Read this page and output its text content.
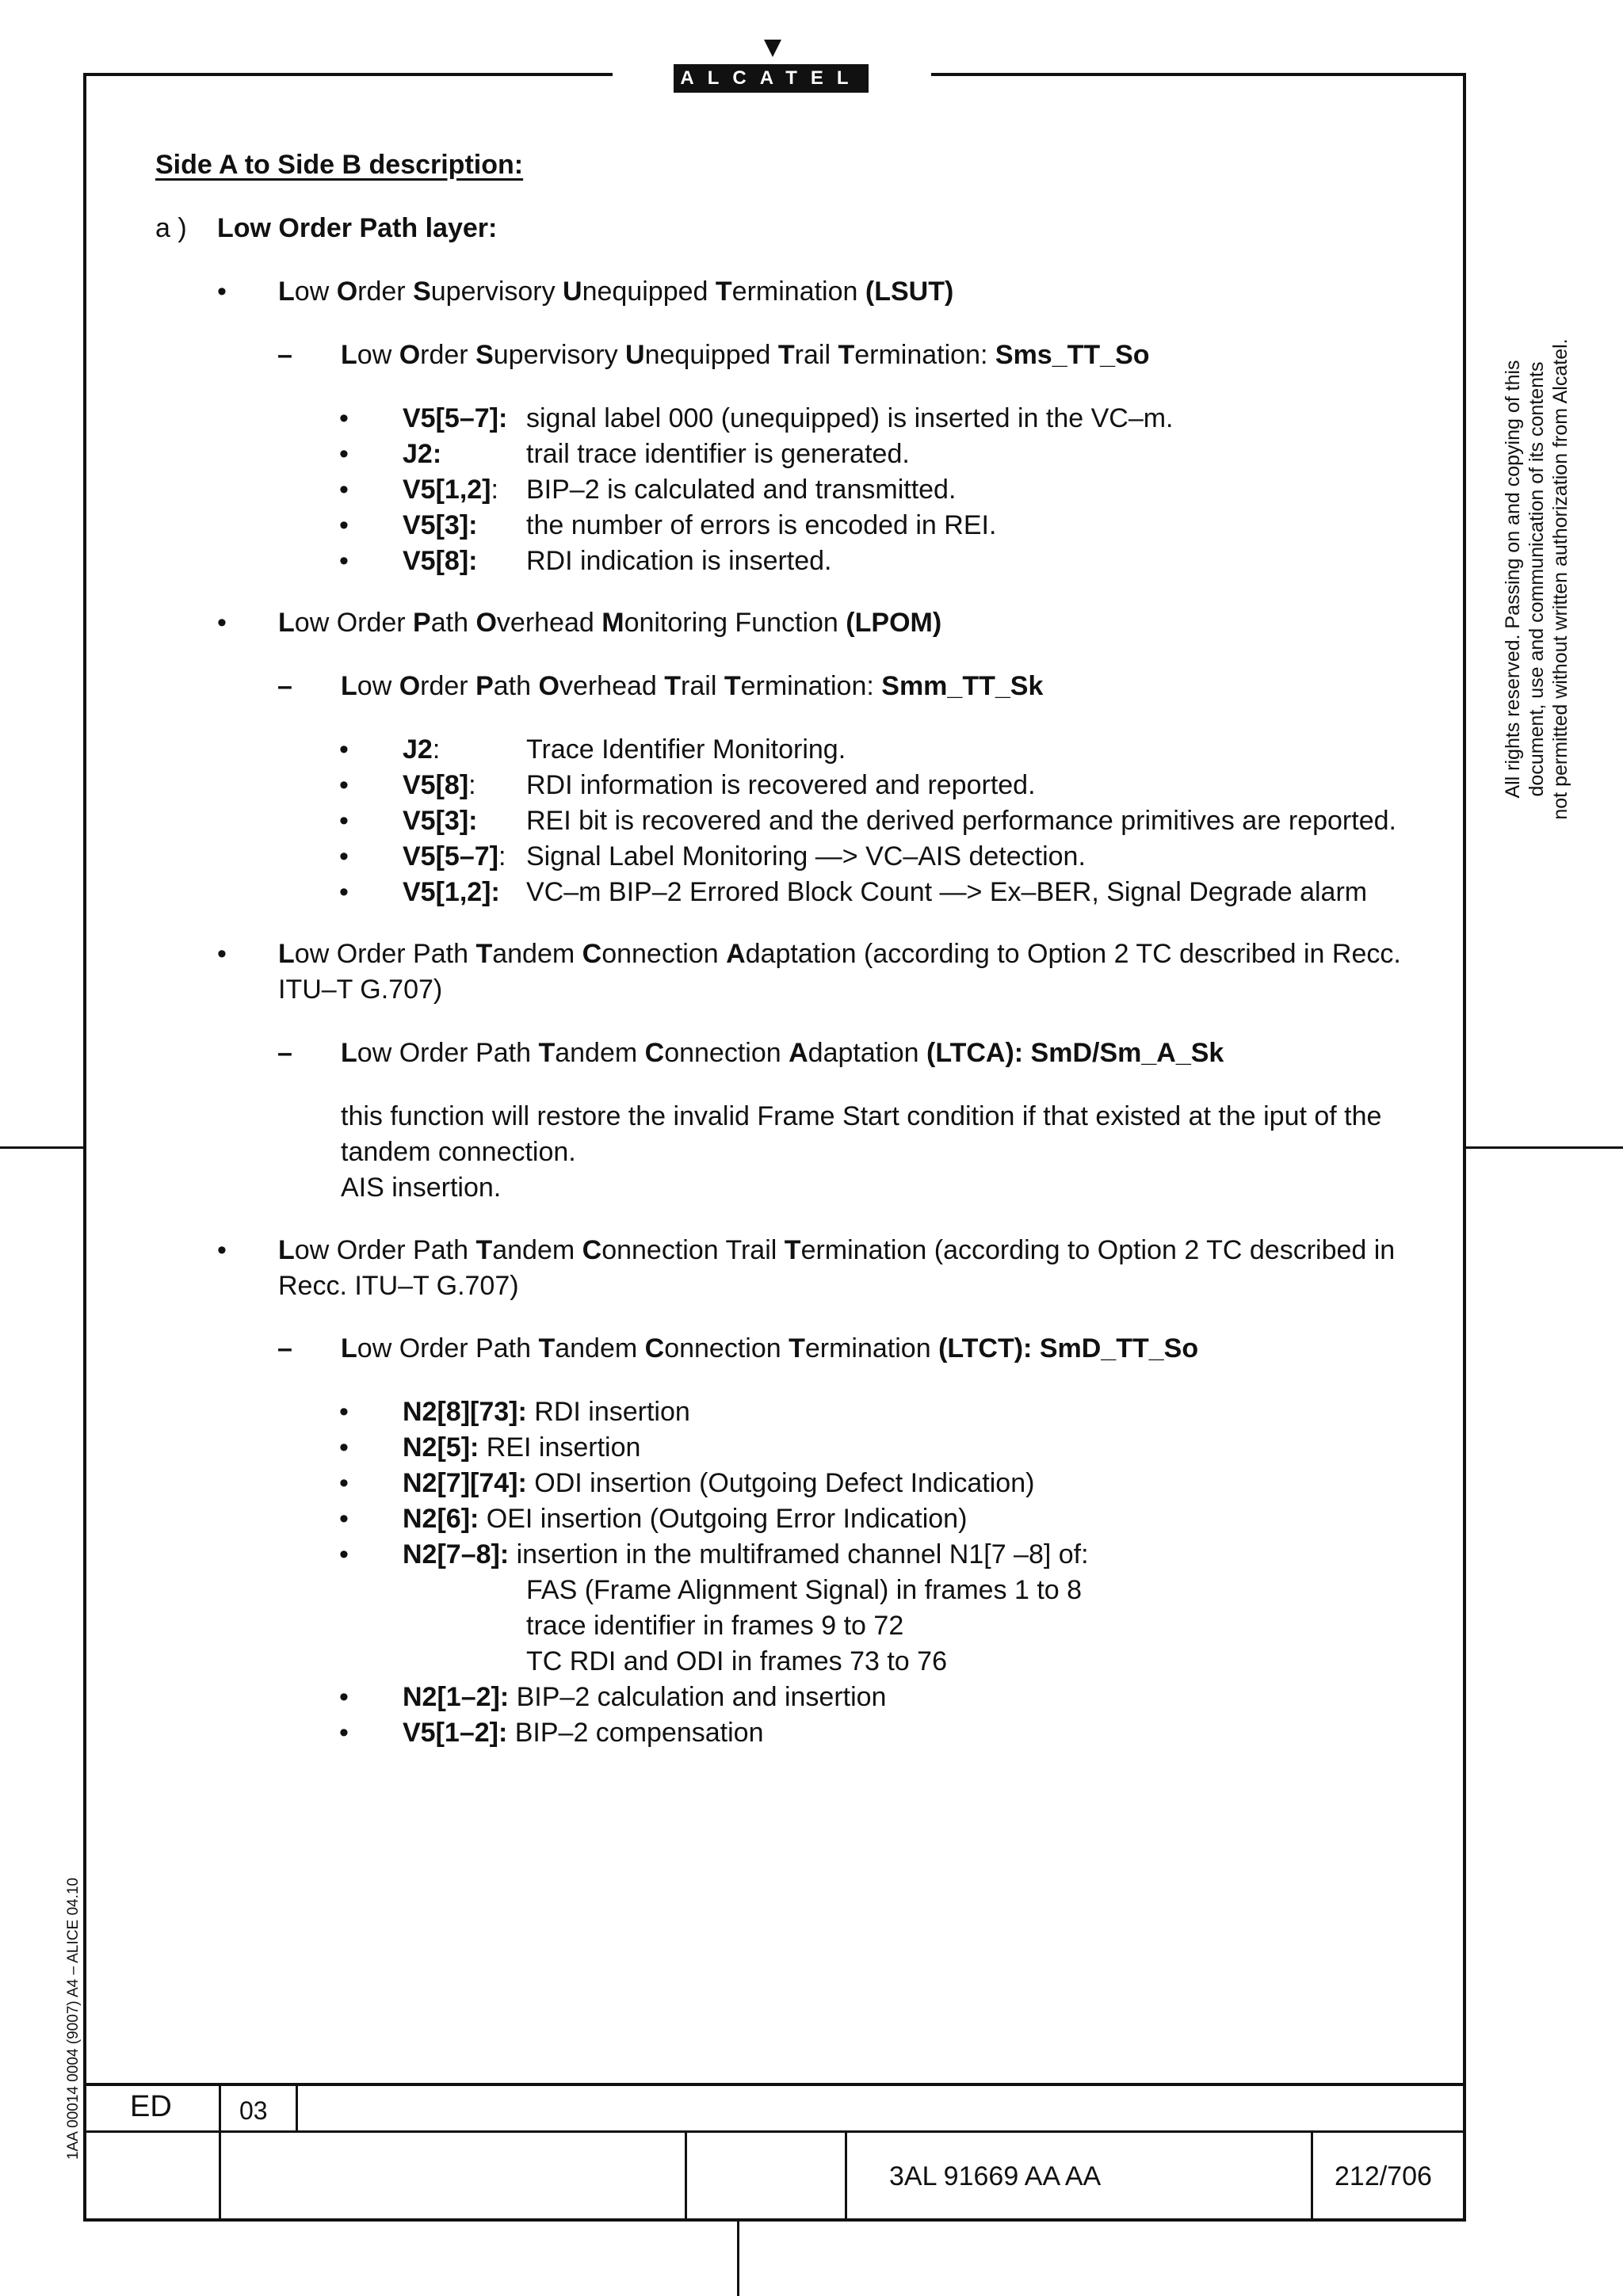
ALCATEL
All rights reserved. Passing on and copying of this document, use and communication of its contents not permitted without written authorization from Alcatel.
1AA 00014 0004 (9007) A4 – ALICE 04.10
Side A to Side B description:
a ) Low Order Path layer:
• Low Order Supervisory Unequipped Termination (LSUT)
– Low Order Supervisory Unequipped Trail Termination: Sms_TT_So
• V5[5–7]: signal label 000 (unequipped) is inserted in the VC–m.
• J2:	trail trace identifier is generated.
• V5[1,2]: BIP–2 is calculated and transmitted.
• V5[3]: the number of errors is encoded in REI.
• V5[8]: RDI indication is inserted.
• Low Order Path Overhead Monitoring Function (LPOM)
– Low Order Path Overhead Trail Termination: Smm_TT_Sk
• J2:	Trace Identifier Monitoring.
• V5[8]: RDI information is recovered and reported.
• V5[3]: REI bit is recovered and the derived performance primitives are reported.
• V5[5–7]: Signal Label Monitoring —> VC–AIS detection.
• V5[1,2]: VC–m BIP–2 Errored Block Count —> Ex–BER, Signal Degrade alarm
• Low Order Path Tandem Connection Adaptation (according to Option 2 TC described in Recc.
ITU–T G.707)
– Low Order Path Tandem Connection Adaptation (LTCA): SmD/Sm_A_Sk
this function will restore the invalid Frame Start condition if that existed at the iput of the
tandem connection.
AIS insertion.
• Low Order Path Tandem Connection Trail Termination (according to Option 2 TC described in
Recc. ITU–T G.707)
– Low Order Path Tandem Connection Termination (LTCT): SmD_TT_So
• N2[8][73]: RDI insertion
• N2[5]: REI insertion
• N2[7][74]: ODI insertion (Outgoing Defect Indication)
• N2[6]: OEI insertion (Outgoing Error Indication)
• N2[7–8]: insertion in the multiframed channel N1[7 –8] of:
FAS (Frame Alignment Signal) in frames 1 to 8
trace identifier in frames 9 to 72
TC RDI and ODI in frames 73 to 76
• N2[1–2]: BIP–2 calculation and insertion
• V5[1–2]: BIP–2 compensation
ED	03
3AL 91669 AA AA	212/706
